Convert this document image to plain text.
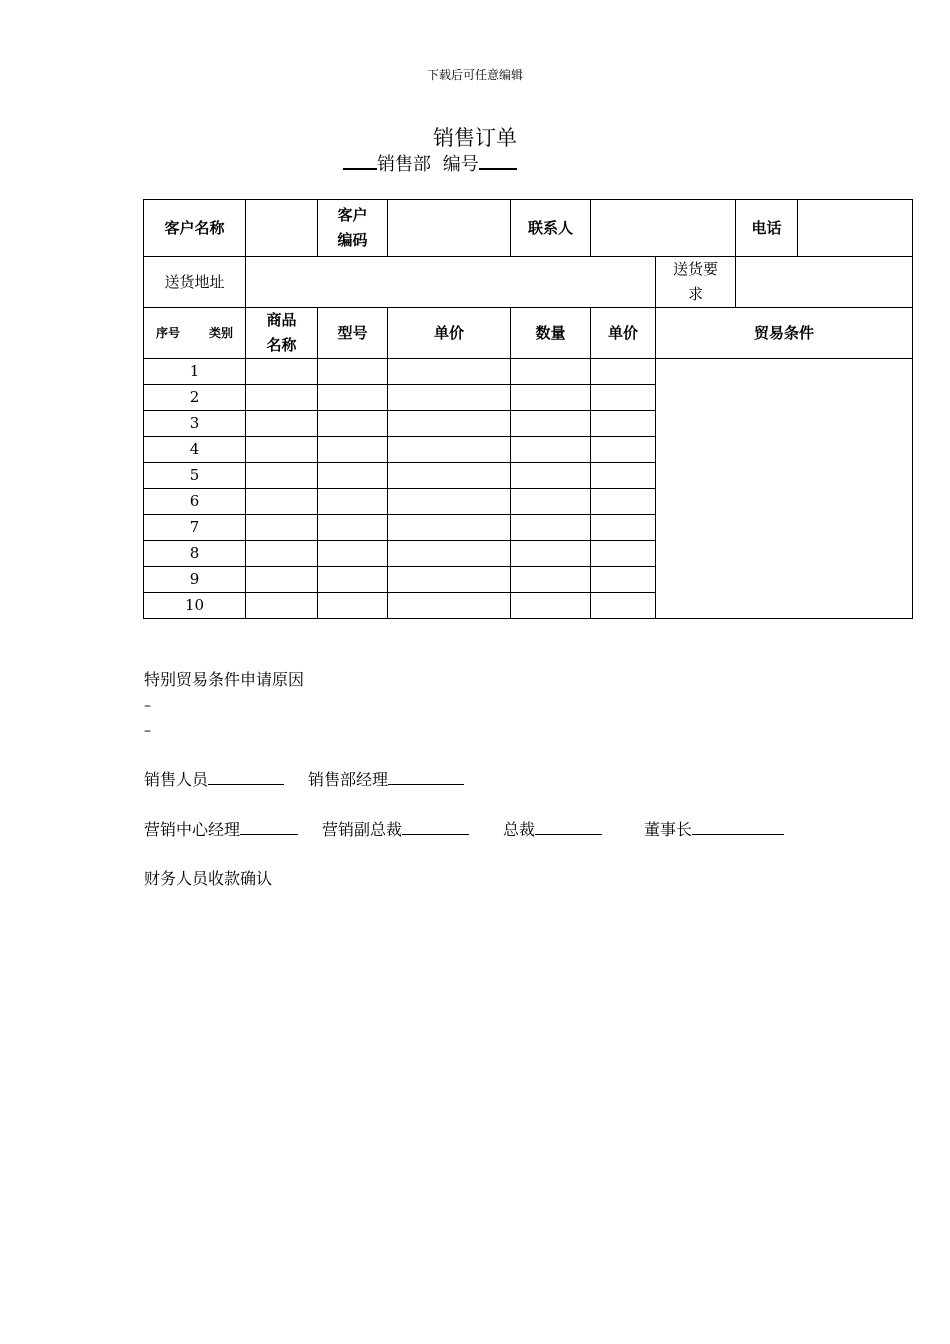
下载后可任意编辑
销售订单
销售部 编号
客户名称		客户编码		联系人			电话	
送货地址						送货要求		

序号 类别	商品名称	型号	单价	数量	单价	贸易条件		
1								
2								
3								
4								
5								
6								
7								
8								
9								
10								
特别贸易条件申请原因
–
–
销售人员	销售部经理
营销中心经理	营销副总裁	总裁	董事长
财务人员收款确认
